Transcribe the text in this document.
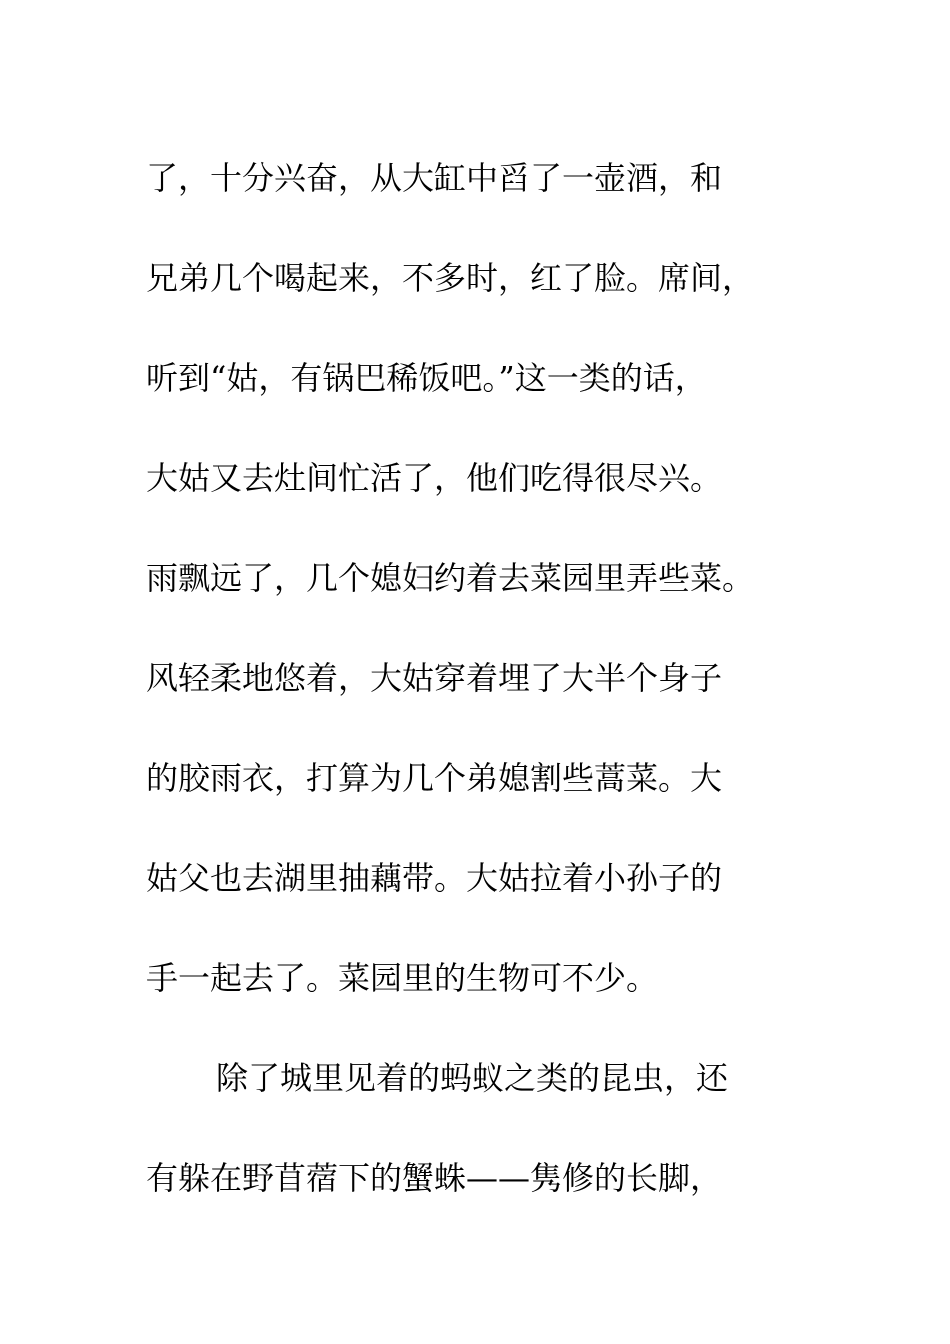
了，十分兴奋，从大缸中舀了一壶酒，和
兄弟几个喝起来，不多时，红了脸。席间，
听到“姑，有锅巴稀饭吧。”这一类的话，
大姑又去灶间忙活了，他们吃得很尽兴。
雨飘远了，几个媳妇约着去菜园里弄些菜。
风轻柔地悠着，大姑穿着埋了大半个身子
的胶雨衣，打算为几个弟媳割些蒿菜。大
姑父也去湖里抽藕带。大姑拉着小孙子的
手一起去了。菜园里的生物可不少。
除了城里见着的蚂蚁之类的昆虫，还
有躲在野苜蓿下的蟹蛛——隽修的长脚，
